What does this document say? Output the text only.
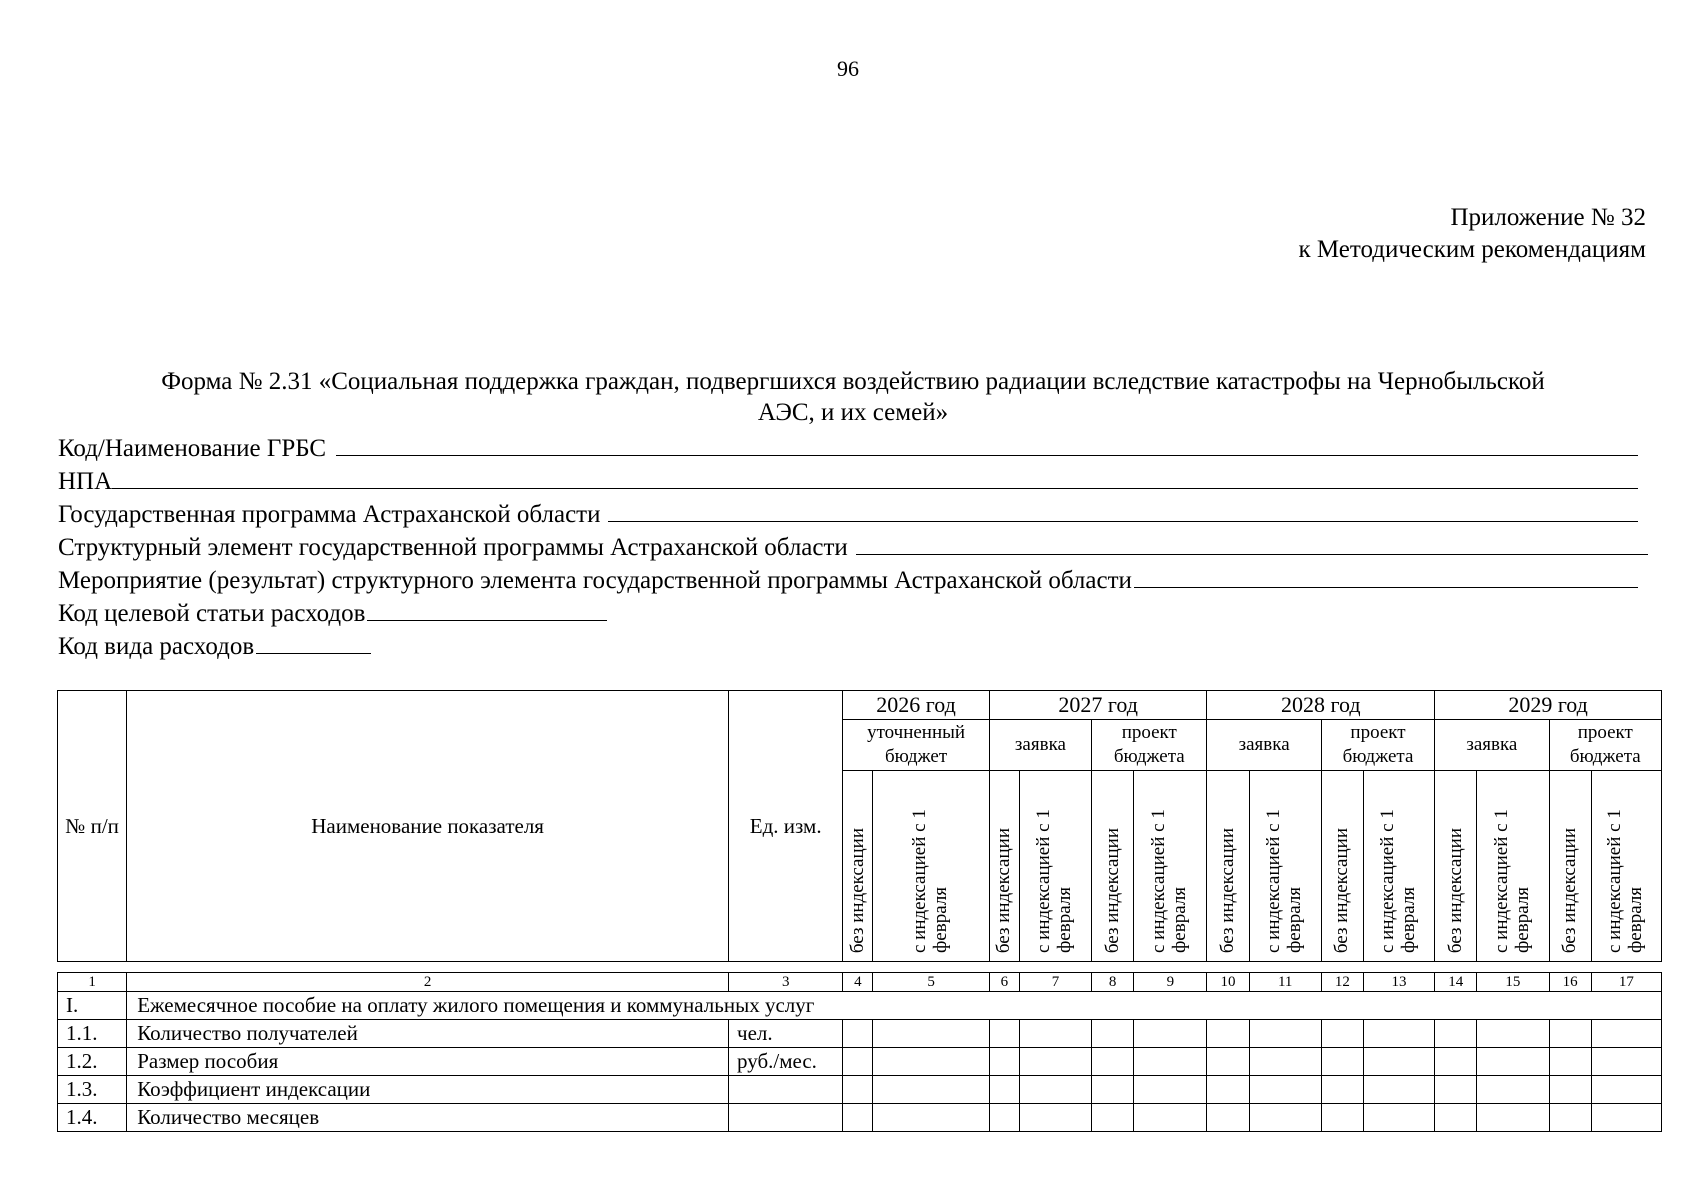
96
Приложение № 32
к Методическим рекомендациям
Форма № 2.31 «Социальная поддержка граждан, подвергшихся воздействию радиации вследствие катастрофы на Чернобыльской
АЭС, и их семей»
Код/Наименование ГРБС
НПА
Государственная программа Астраханской области
Структурный элемент государственной программы Астраханской области
Мероприятие (результат) структурного элемента государственной программы Астраханской области
Код целевой статьи расходов
Код вида расходов
№ п/п	Наименование показателя	Ед. изм.	2026 год		2027 год				2028 год				2029 год			
			уточненный бюджет		заявка		проект бюджета		заявка		проект бюджета		заявка		проект бюджета	

			без индексации	с индексацией с 1 февраля	без индексации	с индексацией с 1 февраля	без индексации	с индексацией с 1 февраля	без индексации	с индексацией с 1 февраля	без индексации	с индексацией с 1 февраля	без индексации	с индексацией с 1 февраля	без индексации	с индексацией с 1 февраля

1	2	3	4	5	6	7	8	9	10	11	12	13	14	15	16	17
I.	Ежемесячное пособие на оплату жилого помещения и коммунальных услуг															
1.1.	Количество получателей	чел.														
1.2.	Размер пособия	руб./мес.														
1.3.	Коэффициент индексации															
1.4.	Количество месяцев															
